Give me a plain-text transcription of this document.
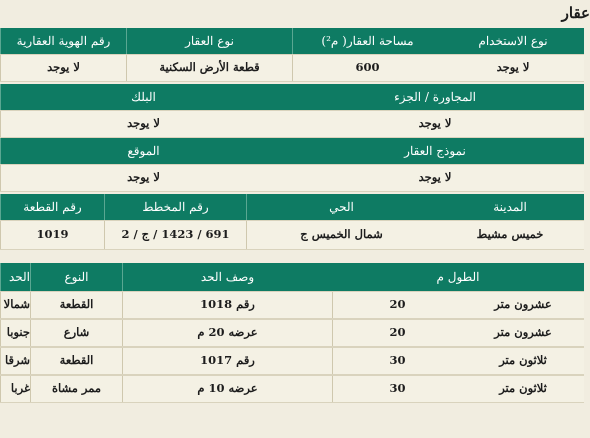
عقار
رقم الهوية العقارية	نوع العقار	مساحة العقار( م²)	نوع الاستخدام
لا يوجد	قطعة الأرض السكنية	600	لا يوجد
البلك	المجاورة / الجزء
لا يوجد	لا يوجد
الموقع	نموذج العقار
لا يوجد	لا يوجد
رقم القطعة	رقم المخطط	الحي	المدينة
1019	691 / 1423 / ج / 2	شمال الخميس ج	خميس مشيط
الحد	النوع	وصف الحد	الطول م
شمالا	القطعة	رقم 1018	20	عشرون متر
جنوبا	شارع	عرضه 20 م	20	عشرون متر
شرقا	القطعة	رقم 1017	30	ثلاثون متر
غربا	ممر مشاة	عرضه 10 م	30	ثلاثون متر
